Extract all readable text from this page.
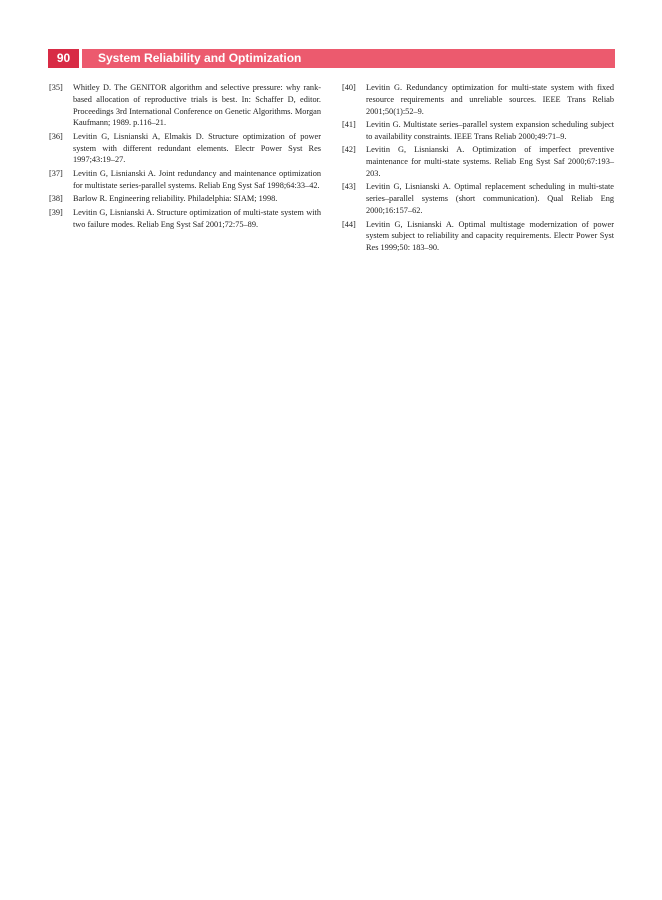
90	System Reliability and Optimization
[35] Whitley D. The GENITOR algorithm and selective pressure: why rank-based allocation of reproductive trials is best. In: Schaffer D, editor. Proceedings 3rd International Conference on Genetic Algorithms. Morgan Kaufmann; 1989. p.116–21.
[36] Levitin G, Lisnianski A, Elmakis D. Structure optimization of power system with different redundant elements. Electr Power Syst Res 1997;43:19–27.
[37] Levitin G, Lisnianski A. Joint redundancy and maintenance optimization for multistate series-parallel systems. Reliab Eng Syst Saf 1998;64:33–42.
[38] Barlow R. Engineering reliability. Philadelphia: SIAM; 1998.
[39] Levitin G, Lisnianski A. Structure optimization of multi-state system with two failure modes. Reliab Eng Syst Saf 2001;72:75–89.
[40] Levitin G. Redundancy optimization for multi-state system with fixed resource requirements and unreliable sources. IEEE Trans Reliab 2001;50(1):52–9.
[41] Levitin G. Multistate series–parallel system expansion scheduling subject to availability constraints. IEEE Trans Reliab 2000;49:71–9.
[42] Levitin G, Lisnianski A. Optimization of imperfect preventive maintenance for multi-state systems. Reliab Eng Syst Saf 2000;67:193–203.
[43] Levitin G, Lisnianski A. Optimal replacement scheduling in multi-state series–parallel systems (short communication). Qual Reliab Eng 2000;16:157–62.
[44] Levitin G, Lisnianski A. Optimal multistage modernization of power system subject to reliability and capacity requirements. Electr Power Syst Res 1999;50: 183–90.
